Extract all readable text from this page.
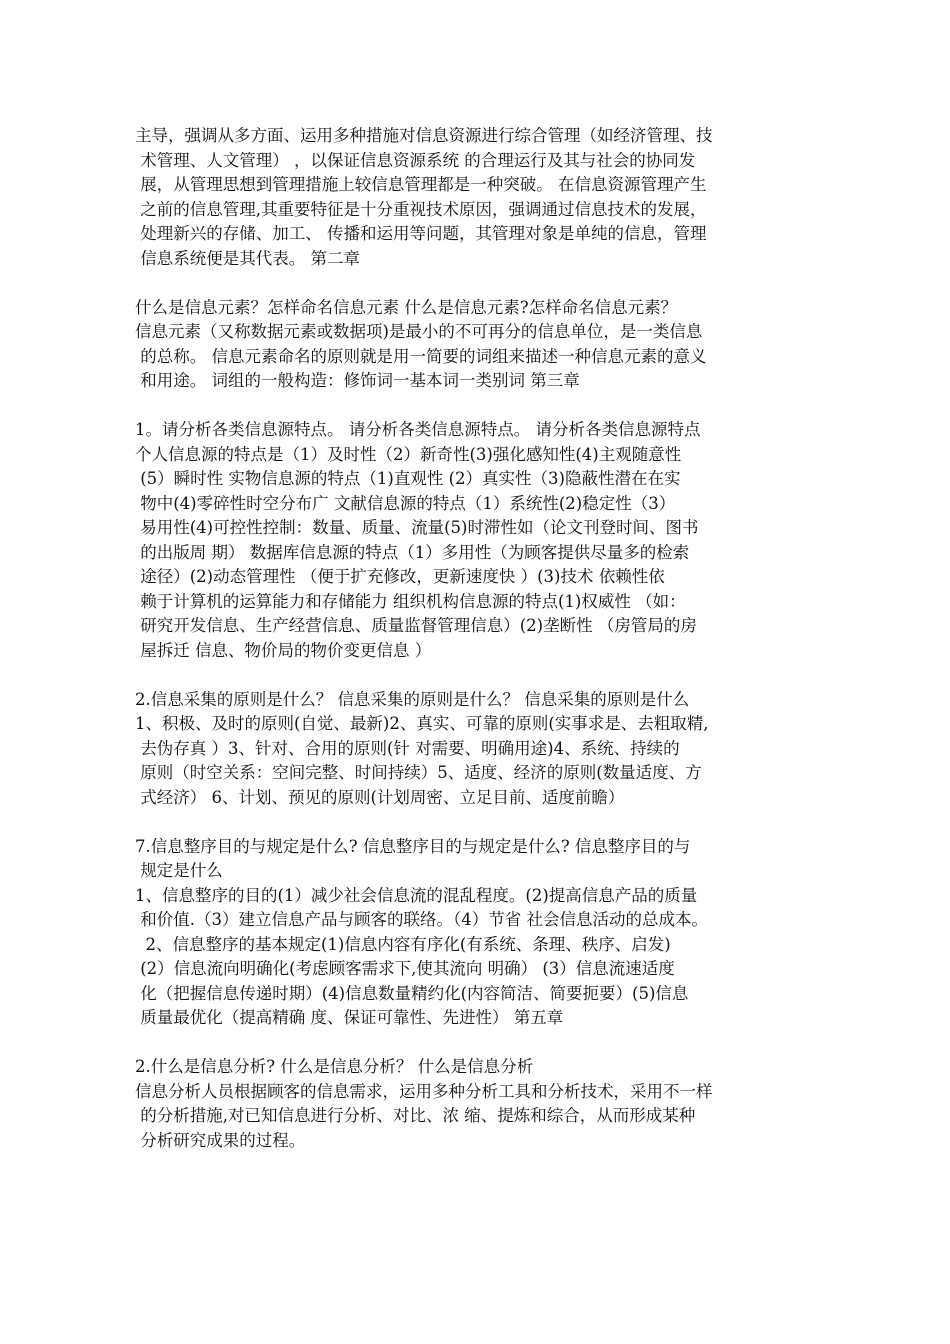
主导，强调从多方面、运用多种措施对信息资源进行综合管理（如经济管理、技
术管理、人文管理） ，以保证信息资源系统 的合理运行及其与社会的协同发
展，从管理思想到管理措施上较信息管理都是一种突破。 在信息资源管理产生
之前的信息管理,其重要特征是十分重视技术原因，强调通过信息技术的发展，
处理新兴的存储、加工、 传播和运用等问题，其管理对象是单纯的信息，管理
信息系统便是其代表。 第二章
什么是信息元素？怎样命名信息元素 什么是信息元素?怎样命名信息元素？
信息元素（又称数据元素或数据项)是最小的不可再分的信息单位，是一类信息
的总称。 信息元素命名的原则就是用一简要的词组来描述一种信息元素的意义
和用途。 词组的一般构造：修饰词一基本词一类别词 第三章
1。请分析各类信息源特点。 请分析各类信息源特点。 请分析各类信息源特点
个人信息源的特点是（1）及时性（2）新奇性(3)强化感知性(4)主观随意性
(5）瞬时性 实物信息源的特点（1)直观性 (2）真实性（3)隐蔽性潜在在实
物中(4)零碎性时空分布广 文献信息源的特点（1）系统性(2)稳定性（3）
易用性(4)可控性控制：数量、质量、流量(5)时滞性如（论文刊登时间、图书
的出版周 期） 数据库信息源的特点（1）多用性（为顾客提供尽量多的检索
途径）(2)动态管理性 （便于扩充修改，更新速度快 ）(3)技术 依赖性依
赖于计算机的运算能力和存储能力 组织机构信息源的特点(1)权威性 （如：
研究开发信息、生产经营信息、质量监督管理信息）(2)垄断性 （房管局的房
屋拆迁 信息、物价局的物价变更信息 ）
2.信息采集的原则是什么？ 信息采集的原则是什么？ 信息采集的原则是什么
1、积极、及时的原则(自觉、最新)2、真实、可靠的原则(实事求是、去粗取精,
去伪存真 ）3、针对、合用的原则(针 对需要、明确用途)4、系统、持续的
原则（时空关系：空间完整、时间持续）5、适度、经济的原则(数量适度、方
式经济） 6、计划、预见的原则(计划周密、立足目前、适度前瞻）
7.信息整序目的与规定是什么? 信息整序目的与规定是什么? 信息整序目的与
规定是什么
1、信息整序的目的(1）减少社会信息流的混乱程度。(2)提高信息产品的质量
和价值.（3）建立信息产品与顾客的联络。（4）节省 社会信息活动的总成本。
2、信息整序的基本规定(1)信息内容有序化(有系统、条理、秩序、启发)
(2）信息流向明确化(考虑顾客需求下,使其流向 明确） (3）信息流速适度
化（把握信息传递时期）(4)信息数量精约化(内容简洁、简要扼要）(5)信息
质量最优化（提高精确 度、保证可靠性、先进性） 第五章
2.什么是信息分析? 什么是信息分析？ 什么是信息分析
信息分析人员根据顾客的信息需求，运用多种分析工具和分析技术，采用不一样
的分析措施,对已知信息进行分析、对比、浓 缩、提炼和综合，从而形成某种
分析研究成果的过程。
